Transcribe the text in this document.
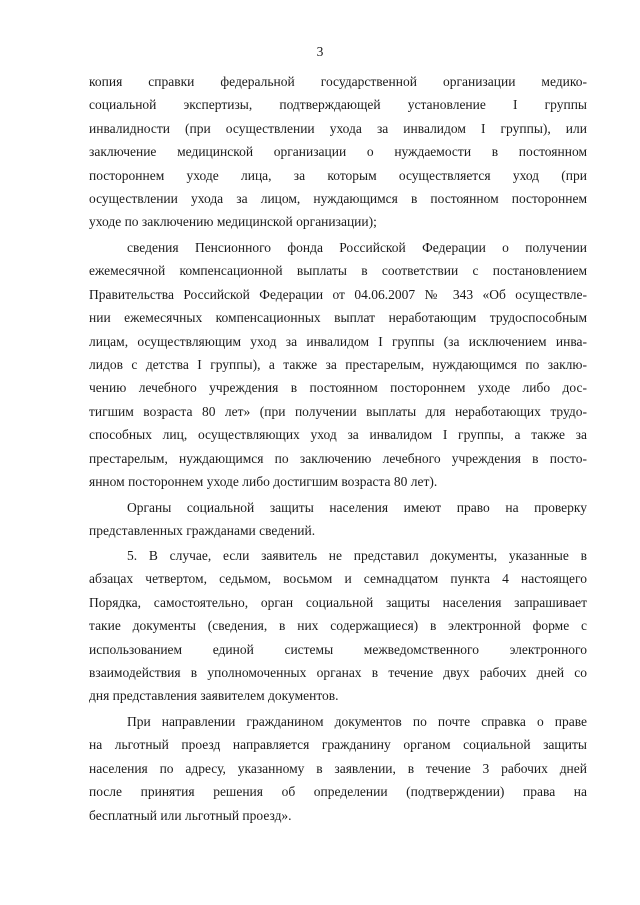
3
копия справки федеральной государственной организации медико-
социальной экспертизы, подтверждающей установление I группы
инвалидности (при осуществлении ухода за инвалидом I группы), или
заключение медицинской организации о нуждаемости в постоянном
постороннем уходе лица, за которым осуществляется уход (при
осуществлении ухода за лицом, нуждающимся в постоянном постороннем
уходе по заключению медицинской организации);
сведения Пенсионного фонда Российской Федерации о получении
ежемесячной компенсационной выплаты в соответствии с постановлением
Правительства Российской Федерации от 04.06.2007 № 343 «Об осуществле-
нии ежемесячных компенсационных выплат неработающим трудоспособным
лицам, осуществляющим уход за инвалидом I группы (за исключением инва-
лидов с детства I группы), а также за престарелым, нуждающимся по заклю-
чению лечебного учреждения в постоянном постороннем уходе либо дос-
тигшим возраста 80 лет» (при получении выплаты для неработающих трудо-
способных лиц, осуществляющих уход за инвалидом I группы, а также за
престарелым, нуждающимся по заключению лечебного учреждения в посто-
янном постороннем уходе либо достигшим возраста 80 лет).
Органы социальной защиты населения имеют право на проверку
представленных гражданами сведений.
5. В случае, если заявитель не представил документы, указанные в
абзацах четвертом, седьмом, восьмом и семнадцатом пункта 4 настоящего
Порядка, самостоятельно, орган социальной защиты населения запрашивает
такие документы (сведения, в них содержащиеся) в электронной форме с
использованием единой системы межведомственного электронного
взаимодействия в уполномоченных органах в течение двух рабочих дней со
дня представления заявителем документов.
При направлении гражданином документов по почте справка о праве
на льготный проезд направляется гражданину органом социальной защиты
населения по адресу, указанному в заявлении, в течение 3 рабочих дней
после принятия решения об определении (подтверждении) права на
бесплатный или льготный проезд».
